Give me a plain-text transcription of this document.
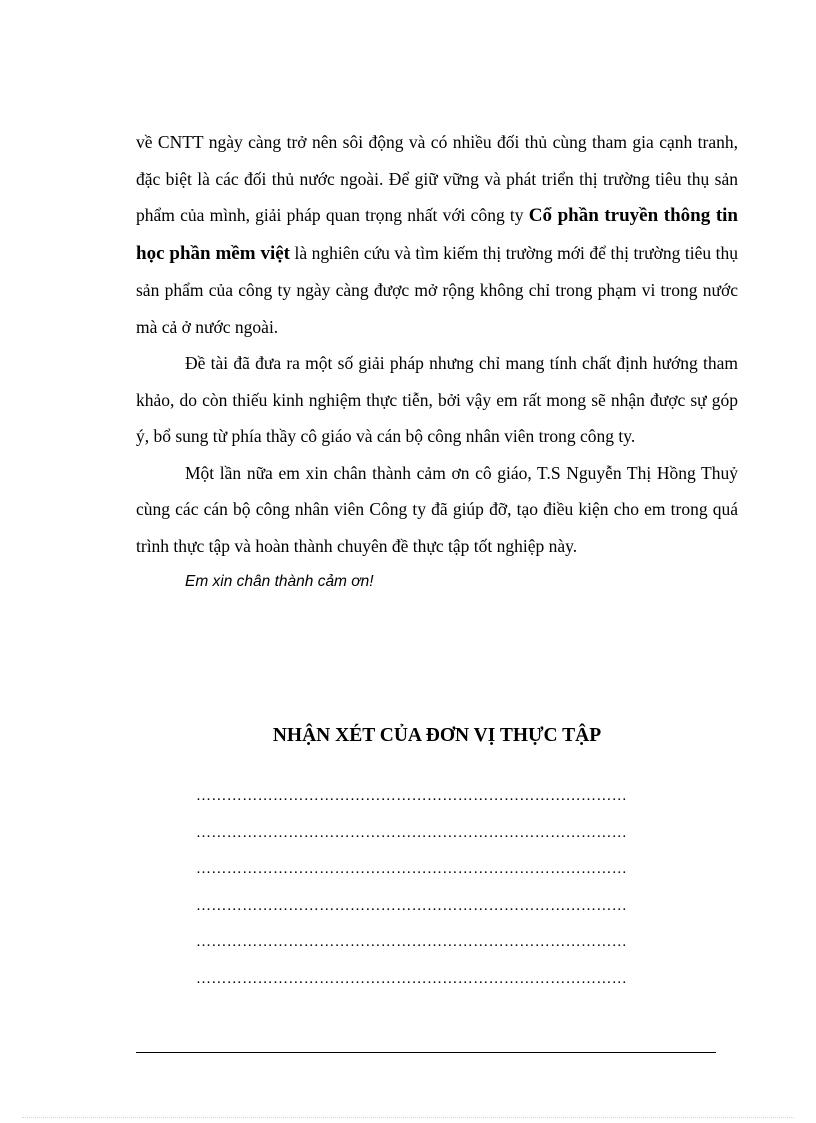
về CNTT ngày càng trở nên sôi động và có nhiều đối thủ cùng tham gia cạnh tranh, đặc biệt là các đối thủ nước ngoài. Để giữ vững và phát triển thị trường tiêu thụ sản phẩm của mình, giải pháp quan trọng nhất với công ty Cổ phần truyền thông tin học phần mềm việt là nghiên cứu và tìm kiếm thị trường mới để thị trường tiêu thụ sản phẩm của công ty ngày càng được mở rộng không chỉ trong phạm vi trong nước mà cả ở nước ngoài.

Đề tài đã đưa ra một số giải pháp nhưng chỉ mang tính chất định hướng tham khảo, do còn thiếu kinh nghiệm thực tiễn, bởi vậy em rất mong sẽ nhận được sự góp ý, bổ sung từ phía thầy cô giáo và cán bộ công nhân viên trong công ty.

Một lần nữa em xin chân thành cảm ơn cô giáo, T.S Nguyễn Thị Hồng Thuỷ cùng các cán bộ công nhân viên Công ty đã giúp đỡ, tạo điều kiện cho em trong quá trình thực tập và hoàn thành chuyên đề thực tập tốt nghiệp này.

Em xin chân thành cảm ơn!

NHẬN XÉT CỦA ĐƠN VỊ THỰC TẬP
…………………………………………………………………………
…………………………………………………………………………
…………………………………………………………………………
…………………………………………………………………………
…………………………………………………………………………
…………………………………………………………………………
